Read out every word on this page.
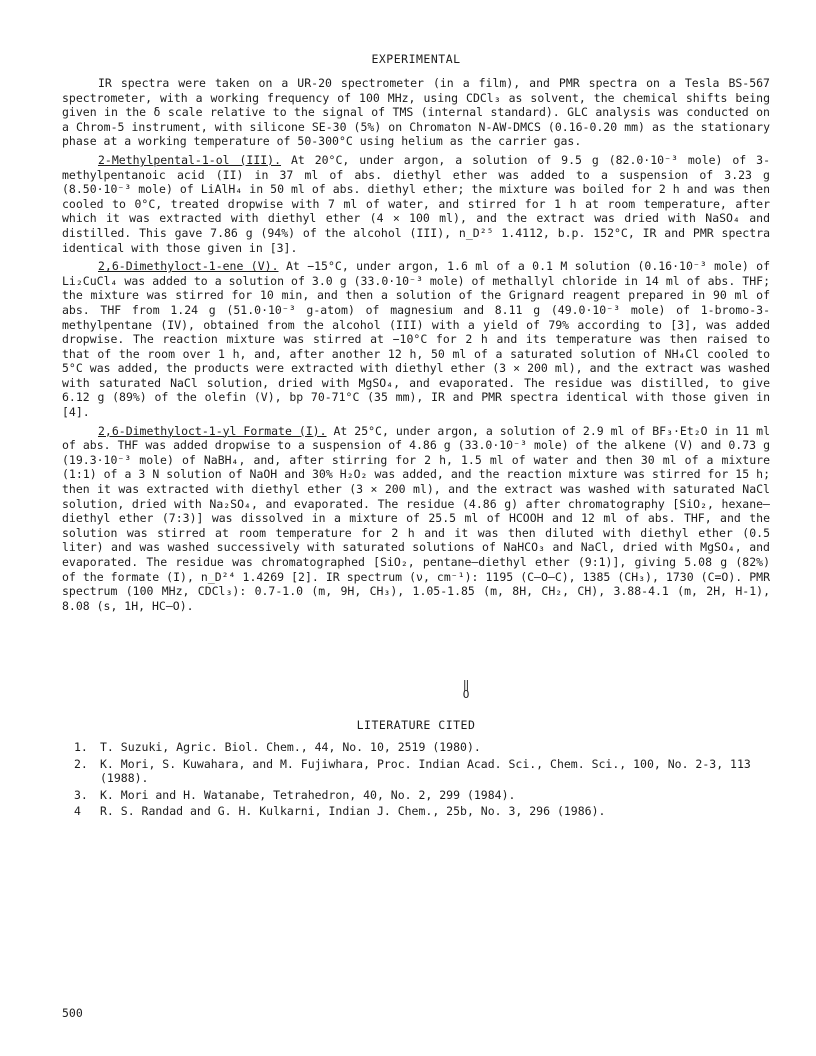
EXPERIMENTAL

IR spectra were taken on a UR-20 spectrometer (in a film), and PMR spectra on a Tesla BS-567 spectrometer, with a working frequency of 100 MHz, using CDCl₃ as solvent, the chemical shifts being given in the δ scale relative to the signal of TMS (internal standard). GLC analysis was conducted on a Chrom-5 instrument, with silicone SE-30 (5%) on Chromaton N-AW-DMCS (0.16-0.20 mm) as the stationary phase at a working temperature of 50-300°C using helium as the carrier gas.

2-Methylpental-1-ol (III). At 20°C, under argon, a solution of 9.5 g (82.0·10⁻³ mole) of 3-methylpentanoic acid (II) in 37 ml of abs. diethyl ether was added to a suspension of 3.23 g (8.50·10⁻³ mole) of LiAlH₄ in 50 ml of abs. diethyl ether; the mixture was boiled for 2 h and was then cooled to 0°C, treated dropwise with 7 ml of water, and stirred for 1 h at room temperature, after which it was extracted with diethyl ether (4 × 100 ml), and the extract was dried with NaSO₄ and distilled. This gave 7.86 g (94%) of the alcohol (III), n_D²⁵ 1.4112, b.p. 152°C, IR and PMR spectra identical with those given in [3].

2,6-Dimethyloct-1-ene (V). At −15°C, under argon, 1.6 ml of a 0.1 M solution (0.16·10⁻³ mole) of Li₂CuCl₄ was added to a solution of 3.0 g (33.0·10⁻³ mole) of methallyl chloride in 14 ml of abs. THF; the mixture was stirred for 10 min, and then a solution of the Grignard reagent prepared in 90 ml of abs. THF from 1.24 g (51.0·10⁻³ g-atom) of magnesium and 8.11 g (49.0·10⁻³ mole) of 1-bromo-3-methylpentane (IV), obtained from the alcohol (III) with a yield of 79% according to [3], was added dropwise. The reaction mixture was stirred at −10°C for 2 h and its temperature was then raised to that of the room over 1 h, and, after another 12 h, 50 ml of a saturated solution of NH₄Cl cooled to 5°C was added, the products were extracted with diethyl ether (3 × 200 ml), and the extract was washed with saturated NaCl solution, dried with MgSO₄, and evaporated. The residue was distilled, to give 6.12 g (89%) of the olefin (V), bp 70-71°C (35 mm), IR and PMR spectra identical with those given in [4].

2,6-Dimethyloct-1-yl Formate (I). At 25°C, under argon, a solution of 2.9 ml of BF₃·Et₂O in 11 ml of abs. THF was added dropwise to a suspension of 4.86 g (33.0·10⁻³ mole) of the alkene (V) and 0.73 g (19.3·10⁻³ mole) of NaBH₄, and, after stirring for 2 h, 1.5 ml of water and then 30 ml of a mixture (1:1) of a 3 N solution of NaOH and 30% H₂O₂ was added, and the reaction mixture was stirred for 15 h; then it was extracted with diethyl ether (3 × 200 ml), and the extract was washed with saturated NaCl solution, dried with Na₂SO₄, and evaporated. The residue (4.86 g) after chromatography [SiO₂, hexane–diethyl ether (7:3)] was dissolved in a mixture of 25.5 ml of HCOOH and 12 ml of abs. THF, and the solution was stirred at room temperature for 2 h and it was then diluted with diethyl ether (0.5 liter) and was washed successively with saturated solutions of NaHCO₃ and NaCl, dried with MgSO₄, and evaporated. The residue was chromatographed [SiO₂, pentane–diethyl ether (9:1)], giving 5.08 g (82%) of the formate (I), n_D²⁴ 1.4269 [2]. IR spectrum (ν, cm⁻¹): 1195 (C–O–C), 1385 (CH₃), 1730 (C=O). PMR spectrum (100 MHz, CDCl₃): 0.7-1.0 (m, 9H, CH₃), 1.05-1.85 (m, 8H, CH₂, CH), 3.88-4.1 (m, 2H, H-1), 8.08 (s, 1H, HC–O).

‖
O
LITERATURE CITED
1.	T. Suzuki, Agric. Biol. Chem., 44, No. 10, 2519 (1980).
2.	K. Mori, S. Kuwahara, and M. Fujiwhara, Proc. Indian Acad. Sci., Chem. Sci., 100, No. 2-3, 113 (1988).
3.	K. Mori and H. Watanabe, Tetrahedron, 40, No. 2, 299 (1984).
4	R. S. Randad and G. H. Kulkarni, Indian J. Chem., 25b, No. 3, 296 (1986).
500
